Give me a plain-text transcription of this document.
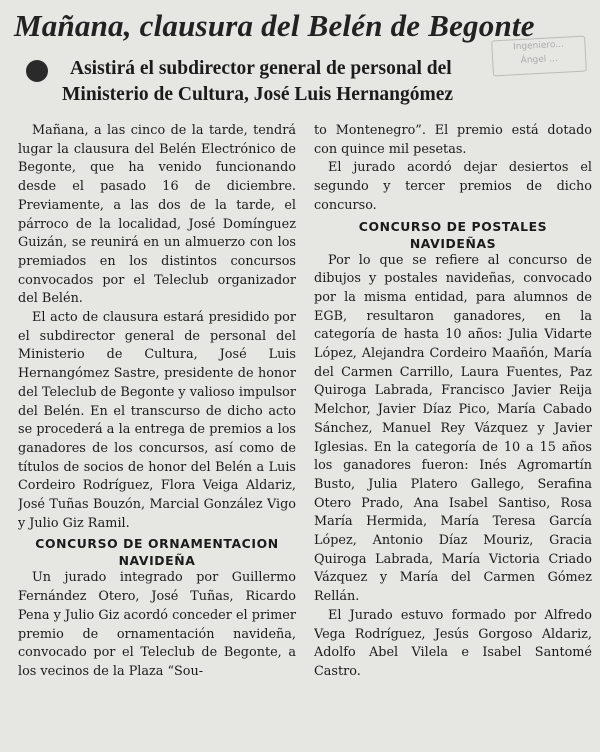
Mañana, clausura del Belén de Begonte
Ingeniero...
Ángel ...
Asistirá el subdirector general de personal del
Ministerio de Cultura, José Luis Hernangómez

Mañana, a las cinco de la tarde, tendrá lugar la clausura del Belén Electrónico de Begonte, que ha venido funcionando desde el pasado 16 de diciembre. Previamente, a las dos de la tarde, el párroco de la localidad, José Domínguez Guizán, se reunirá en un almuerzo con los premiados en los distintos concursos convocados por el Teleclub organizador del Belén.

El acto de clausura estará presidido por el subdirector general de personal del Ministerio de Cultura, José Luis Hernangómez Sastre, presidente de honor del Teleclub de Begonte y valioso impulsor del Belén. En el transcurso de dicho acto se procederá a la entrega de premios a los ganadores de los concursos, así como de títulos de socios de honor del Belén a Luis Cordeiro Rodríguez, Flora Veiga Aldariz, José Tuñas Bouzón, Marcial González Vigo y Julio Giz Ramil.

CONCURSO DE ORNAMENTACION NAVIDEÑA

Un jurado integrado por Guillermo Fernández Otero, José Tuñas, Ricardo Pena y Julio Giz acordó conceder el primer premio de ornamentación navideña, convocado por el Teleclub de Begonte, a los vecinos de la Plaza “Sou-

to Montenegro”. El premio está dotado con quince mil pesetas.

El jurado acordó dejar desiertos el segundo y tercer premios de dicho concurso.

CONCURSO DE POSTALES NAVIDEÑAS

Por lo que se refiere al concurso de dibujos y postales navideñas, convocado por la misma entidad, para alumnos de EGB, resultaron ganadores, en la categoría de hasta 10 años: Julia Vidarte López, Alejandra Cordeiro Maañón, María del Carmen Carrillo, Laura Fuentes, Paz Quiroga Labrada, Francisco Javier Reija Melchor, Javier Díaz Pico, María Cabado Sánchez, Manuel Rey Vázquez y Javier Iglesias. En la categoría de 10 a 15 años los ganadores fueron: Inés Agromartín Busto, Julia Platero Gallego, Serafina Otero Prado, Ana Isabel Santiso, Rosa María Hermida, María Teresa García López, Antonio Díaz Mouriz, Gracia Quiroga Labrada, María Victoria Criado Vázquez y María del Carmen Gómez Rellán.

El Jurado estuvo formado por Alfredo Vega Rodríguez, Jesús Gorgoso Aldariz, Adolfo Abel Vilela e Isabel Santomé Castro.
